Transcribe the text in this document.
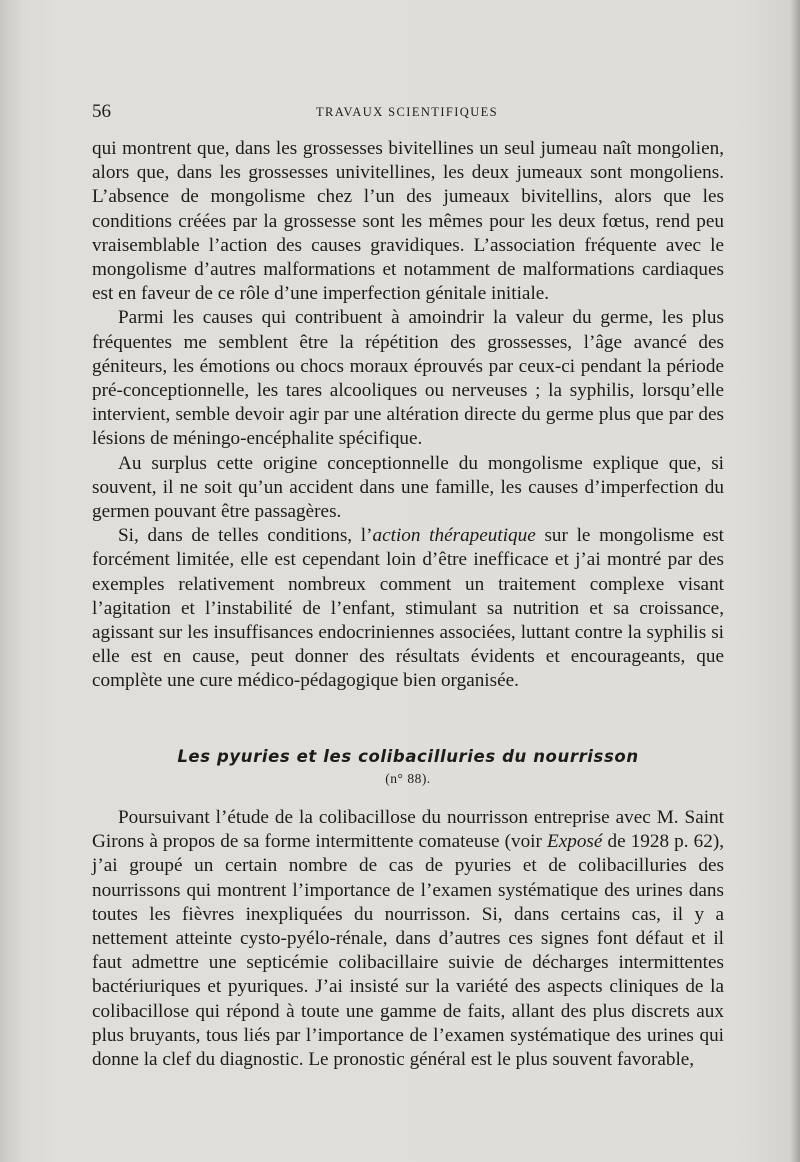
56	TRAVAUX SCIENTIFIQUES

qui montrent que, dans les grossesses bivitellines un seul jumeau naît mongolien, alors que, dans les grossesses univitellines, les deux jumeaux sont mongoliens. L’absence de mongolisme chez l’un des jumeaux bivitellins, alors que les conditions créées par la grossesse sont les mêmes pour les deux fœtus, rend peu vraisemblable l’action des causes gravidiques. L’association fréquente avec le mongolisme d’autres malformations et notamment de malformations cardiaques est en faveur de ce rôle d’une imperfection génitale initiale.

Parmi les causes qui contribuent à amoindrir la valeur du germe, les plus fréquentes me semblent être la répétition des grossesses, l’âge avancé des géniteurs, les émotions ou chocs moraux éprouvés par ceux-ci pendant la période pré-conceptionnelle, les tares alcooliques ou nerveuses ; la syphilis, lorsqu’elle intervient, semble devoir agir par une altération directe du germe plus que par des lésions de méningo-encéphalite spécifique.

Au surplus cette origine conceptionnelle du mongolisme explique que, si souvent, il ne soit qu’un accident dans une famille, les causes d’imperfection du germen pouvant être passagères.

Si, dans de telles conditions, l’action thérapeutique sur le mongolisme est forcément limitée, elle est cependant loin d’être inefficace et j’ai montré par des exemples relativement nombreux comment un traitement complexe visant l’agitation et l’instabilité de l’enfant, stimulant sa nutrition et sa croissance, agissant sur les insuffisances endocriniennes associées, luttant contre la syphilis si elle est en cause, peut donner des résultats évidents et encourageants, que complète une cure médico-pédagogique bien organisée.

Les pyuries et les colibacilluries du nourrisson
(n° 88).

Poursuivant l’étude de la colibacillose du nourrisson entreprise avec M. Saint Girons à propos de sa forme intermittente comateuse (voir Exposé de 1928 p. 62), j’ai groupé un certain nombre de cas de pyuries et de colibacilluries des nourrissons qui montrent l’importance de l’examen systématique des urines dans toutes les fièvres inexpliquées du nourrisson. Si, dans certains cas, il y a nettement atteinte cysto-pyélo-rénale, dans d’autres ces signes font défaut et il faut admettre une septicémie colibacillaire suivie de décharges intermittentes bactériuriques et pyuriques. J’ai insisté sur la variété des aspects cliniques de la colibacillose qui répond à toute une gamme de faits, allant des plus discrets aux plus bruyants, tous liés par l’importance de l’examen systématique des urines qui donne la clef du diagnostic. Le pronostic général est le plus souvent favorable,
